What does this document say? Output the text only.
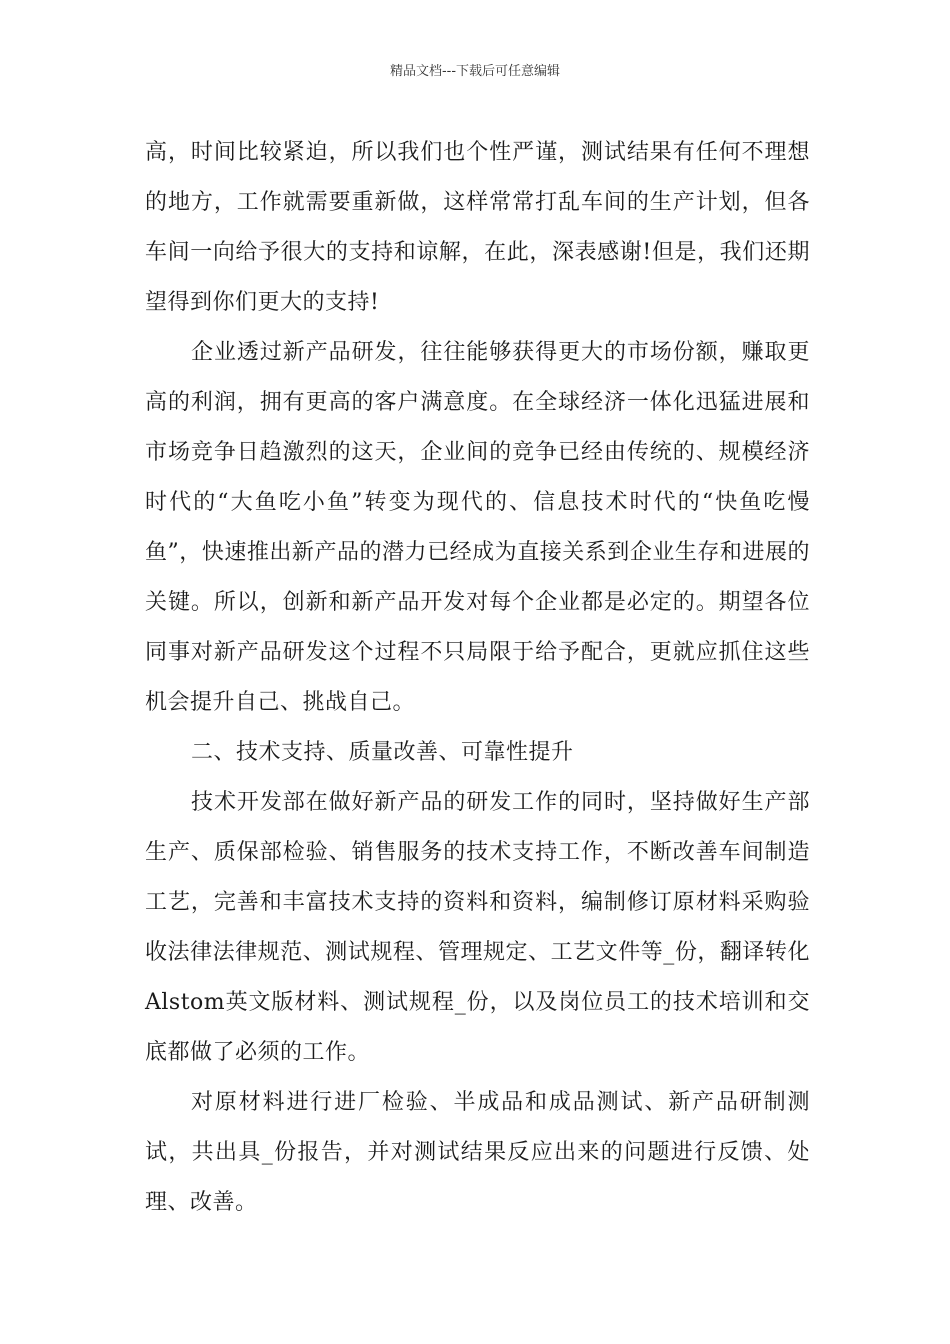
精品文档---下载后可任意编辑

高，时间比较紧迫，所以我们也个性严谨，测试结果有任何不理想的地方，工作就需要重新做，这样常常打乱车间的生产计划，但各车间一向给予很大的支持和谅解，在此，深表感谢!但是，我们还期望得到你们更大的支持!

企业透过新产品研发，往往能够获得更大的市场份额，赚取更高的利润，拥有更高的客户满意度。在全球经济一体化迅猛进展和市场竞争日趋激烈的这天，企业间的竞争已经由传统的、规模经济时代的“大鱼吃小鱼”转变为现代的、信息技术时代的“快鱼吃慢鱼”，快速推出新产品的潜力已经成为直接关系到企业生存和进展的关键。所以，创新和新产品开发对每个企业都是必定的。期望各位同事对新产品研发这个过程不只局限于给予配合，更就应抓住这些机会提升自己、挑战自己。

二、技术支持、质量改善、可靠性提升

技术开发部在做好新产品的研发工作的同时，坚持做好生产部生产、质保部检验、销售服务的技术支持工作，不断改善车间制造工艺，完善和丰富技术支持的资料和资料，编制修订原材料采购验收法律法律规范、测试规程、管理规定、工艺文件等_份，翻译转化Alstom英文版材料、测试规程_份，以及岗位员工的技术培训和交底都做了必须的工作。

对原材料进行进厂检验、半成品和成品测试、新产品研制测试，共出具_份报告，并对测试结果反应出来的问题进行反馈、处理、改善。
